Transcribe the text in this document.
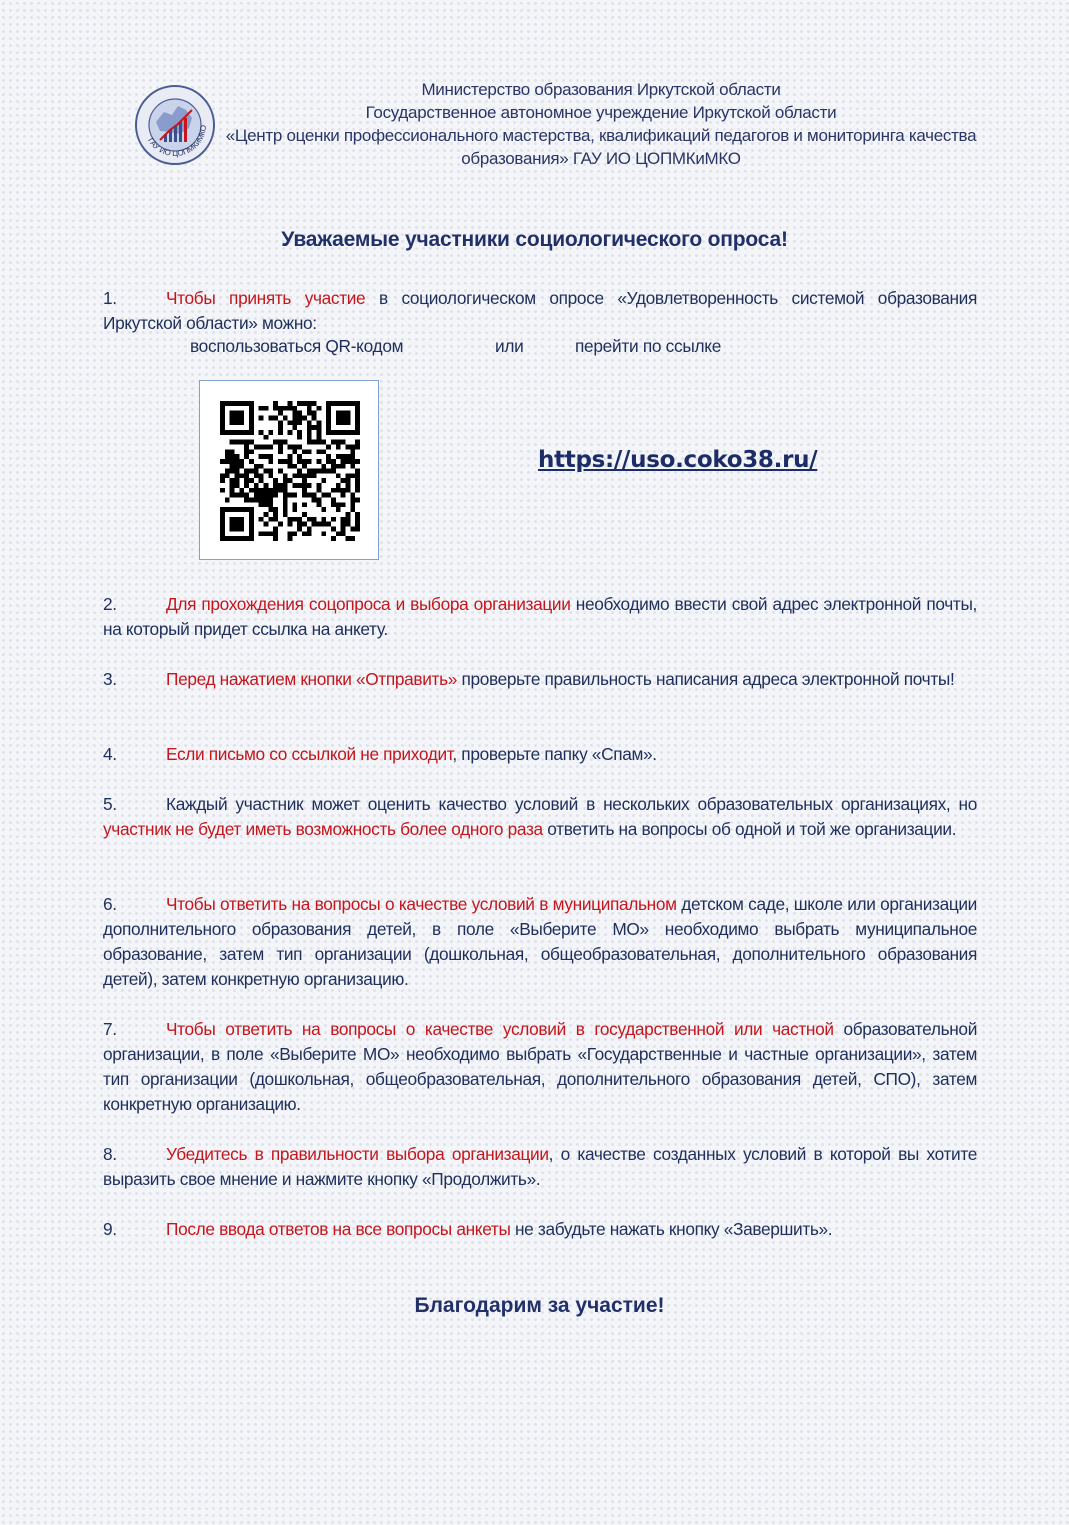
ГАУ ИО ЦОПМКиМКО
Министерство образования Иркутской области
Государственное автономное учреждение Иркутской области
«Центр оценки профессионального мастерства, квалификаций педагогов и мониторинга качества
образования» ГАУ ИО ЦОПМКиМКО
Уважаемые участники социологического опроса!
1.	Чтобы принять участие в социологическом опросе «Удовлетворенность системой образования Иркутской области» можно:
воспользоваться QR-кодом	или	перейти по ссылке
https://uso.coko38.ru/
2.	Для прохождения соцопроса и выбора организации необходимо ввести свой адрес электронной почты, на который придет ссылка на анкету.
3.	Перед нажатием кнопки «Отправить» проверьте правильность написания адреса электронной почты!
4.	Если письмо со ссылкой не приходит, проверьте папку «Спам».
5.	Каждый участник может оценить качество условий в нескольких образовательных организациях, но участник не будет иметь возможность более одного раза ответить на вопросы об одной и той же организации.
6.	Чтобы ответить на вопросы о качестве условий в муниципальном детском саде, школе или организации дополнительного образования детей, в поле «Выберите МО» необходимо выбрать муниципальное образование, затем тип организации (дошкольная, общеобразовательная, дополнительного образования детей), затем конкретную организацию.
7.	Чтобы ответить на вопросы о качестве условий в государственной или частной образовательной организации, в поле «Выберите МО» необходимо выбрать «Государственные и частные организации», затем тип организации (дошкольная, общеобразовательная, дополнительного образования детей, СПО), затем конкретную организацию.
8.	Убедитесь в правильности выбора организации, о качестве созданных условий в которой вы хотите выразить свое мнение и нажмите кнопку «Продолжить».
9.	После ввода ответов на все вопросы анкеты не забудьте нажать кнопку «Завершить».
Благодарим за участие!
